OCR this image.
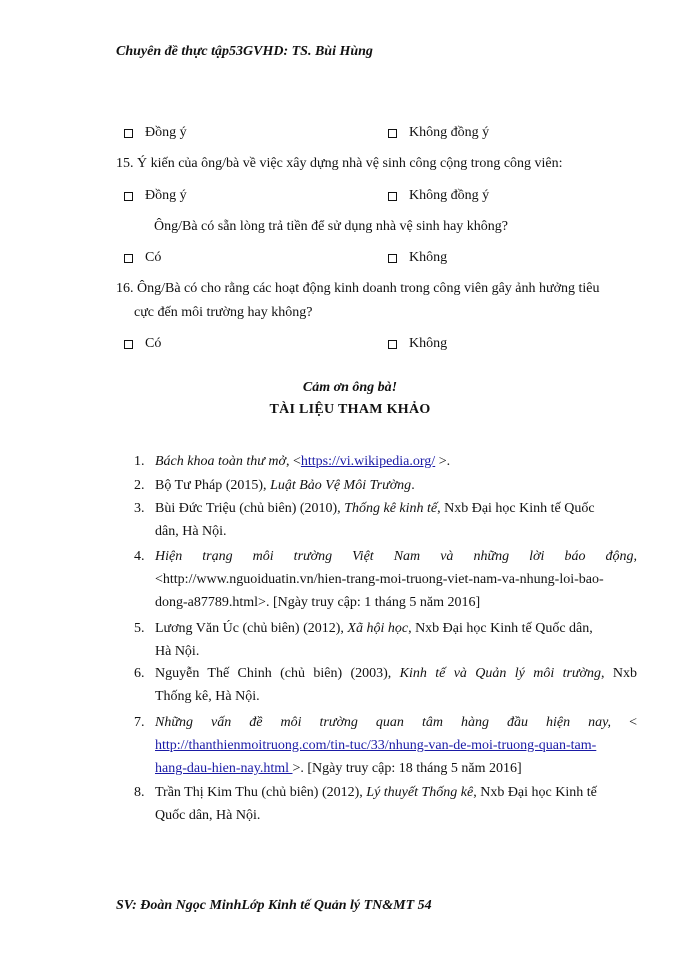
Chuyên đề thực tập53GVHD: TS. Bùi Hùng
Đồng ý	Không đồng ý
15. Ý kiến của ông/bà về việc xây dựng nhà vệ sinh công cộng trong công viên:
Đồng ý	Không đồng ý
Ông/Bà có sẵn lòng trả tiền để sử dụng nhà vệ sinh hay không?
Có	Không
16. Ông/Bà có cho rằng các hoạt động kinh doanh trong công viên gây ảnh hưởng tiêu
cực đến môi trường hay không?
Có	Không
Cảm ơn ông bà!
TÀI LIỆU THAM KHẢO
1. Bách khoa toàn thư mở, <https://vi.wikipedia.org/ >.
2. Bộ Tư Pháp (2015), Luật Bảo Vệ Môi Trường.
3. Bùi Đức Triệu (chủ biên) (2010), Thống kê kinh tế, Nxb Đại học Kinh tế Quốc
dân, Hà Nội.
4. Hiện trạng môi trường Việt Nam và những lời báo động,
<http://www.nguoiduatin.vn/hien-trang-moi-truong-viet-nam-va-nhung-loi-bao-
dong-a87789.html>. [Ngày truy cập: 1 tháng 5 năm 2016]
5. Lương Văn Úc (chủ biên) (2012), Xã hội học, Nxb Đại học Kinh tế Quốc dân,
Hà Nội.
6. Nguyễn Thế Chinh (chủ biên) (2003), Kinh tế và Quản lý môi trường, Nxb
Thống kê, Hà Nội.
7. Những vấn đề môi trường quan tâm hàng đầu hiện nay, <
http://thanthienmoitruong.com/tin-tuc/33/nhung-van-de-moi-truong-quan-tam-
hang-dau-hien-nay.html >. [Ngày truy cập: 18 tháng 5 năm 2016]
8. Trần Thị Kim Thu (chủ biên) (2012), Lý thuyết Thống kê, Nxb Đại học Kinh tế
Quốc dân, Hà Nội.
SV: Đoàn Ngọc MinhLớp Kinh tế Quản lý TN&MT 54
